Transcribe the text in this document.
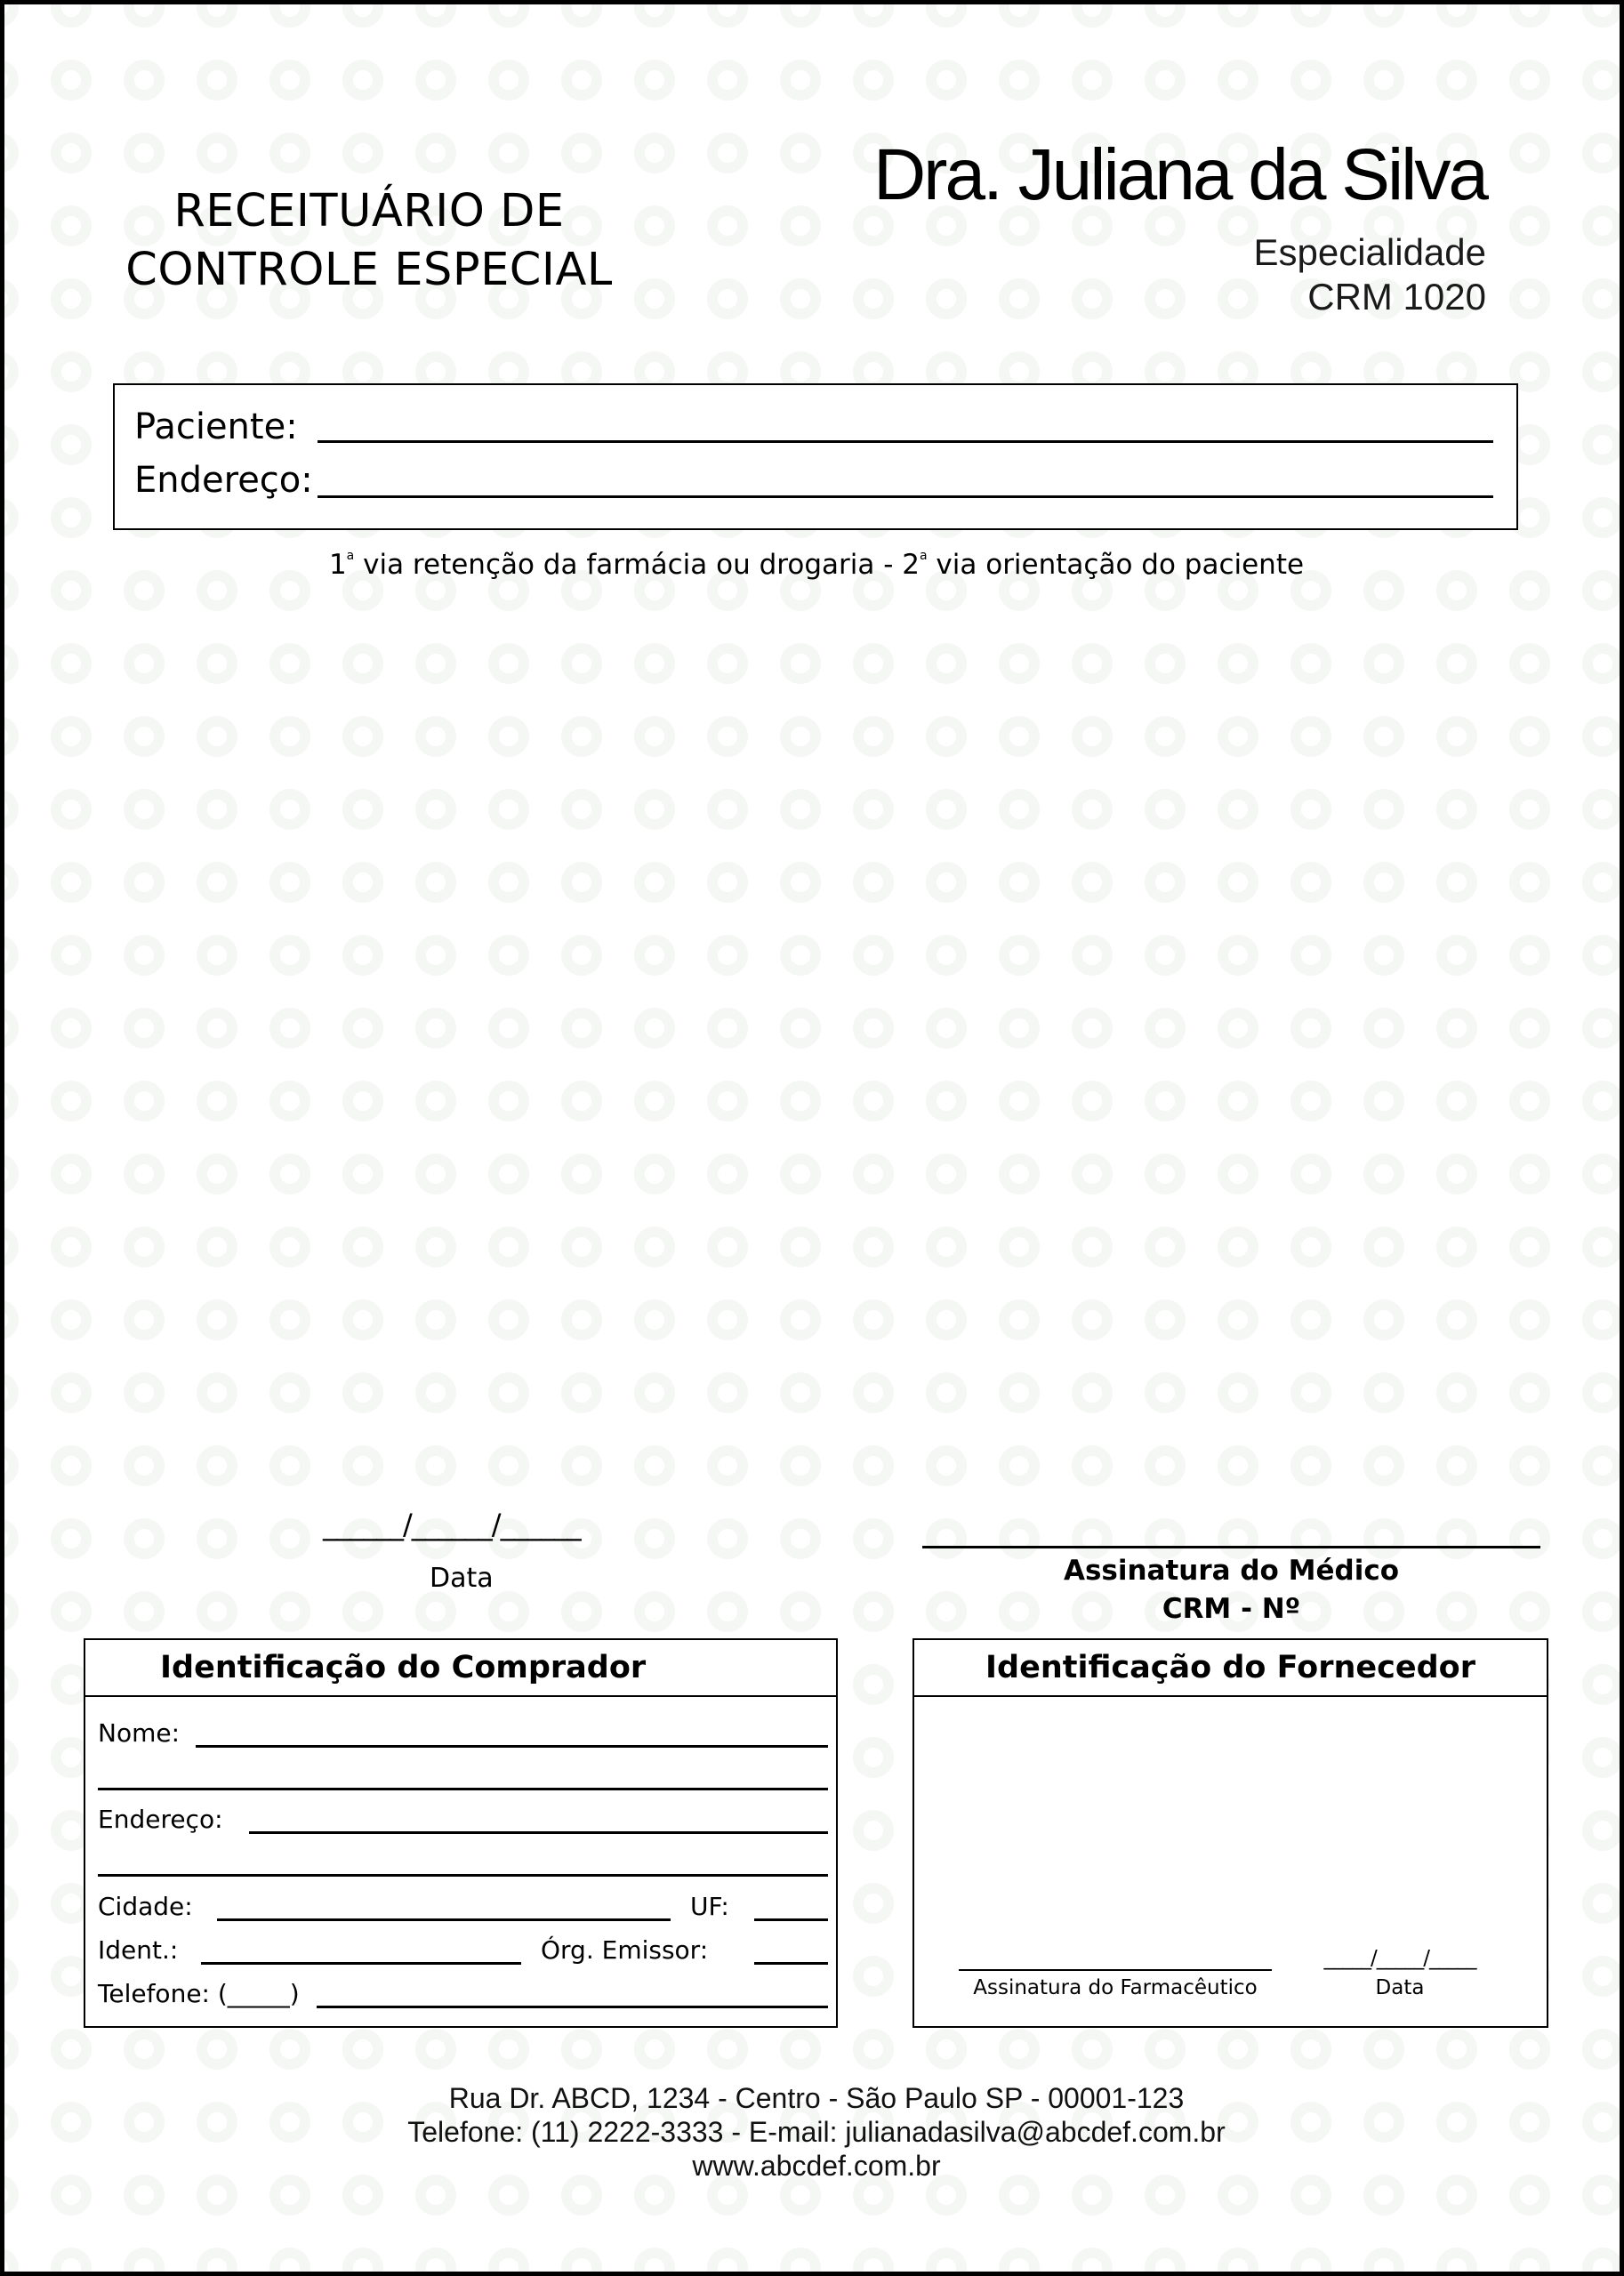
RECEITUÁRIO DE
CONTROLE ESPECIAL
Dra. Juliana da Silva
Especialidade
CRM 1020
Paciente:
Endereço:
1$^a$ via retenção da farmácia ou drogaria - 2$^a$ via orientação do paciente
______/______/______
Data	Assinatura do Médico
CRM - Nº
Identificação do Comprador
Nome:
Endereço:
Cidade:	UF:
Ident.:	Órg. Emissor:
Telefone: (_____)
Identificação do Fornecedor
Assinatura do Farmacêutico
_____/_____/_____
Data
Rua Dr. ABCD, 1234 - Centro - São Paulo SP - 00001-123
Telefone: (11) 2222-3333 - E-mail: julianadasilva@abcdef.com.br
www.abcdef.com.br
